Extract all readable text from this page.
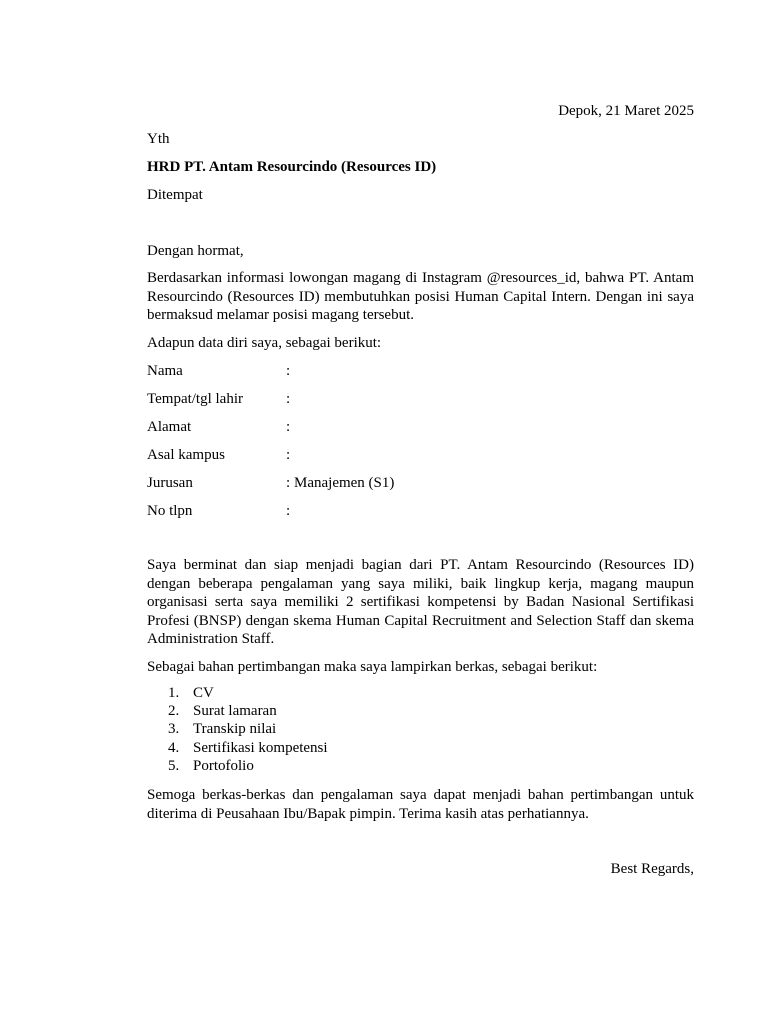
Depok, 21 Maret 2025

Yth

HRD PT. Antam Resourcindo (Resources ID)

Ditempat

Dengan hormat,

Berdasarkan informasi lowongan magang di Instagram @resources_id, bahwa PT. Antam Resourcindo (Resources ID) membutuhkan posisi Human Capital Intern. Dengan ini saya bermaksud melamar posisi magang tersebut.

Adapun data diri saya, sebagai berikut:

Nama	:
Tempat/tgl lahir	:
Alamat	:
Asal kampus	:
Jurusan	: Manajemen (S1)
No tlpn	:

Saya berminat dan siap menjadi bagian dari PT. Antam Resourcindo (Resources ID) dengan beberapa pengalaman yang saya miliki, baik lingkup kerja, magang maupun organisasi serta saya memiliki 2 sertifikasi kompetensi by Badan Nasional Sertifikasi Profesi (BNSP) dengan skema Human Capital Recruitment and Selection Staff dan skema Administration Staff.

Sebagai bahan pertimbangan maka saya lampirkan berkas, sebagai berikut:

1. CV
2. Surat lamaran
3. Transkip nilai
4. Sertifikasi kompetensi
5. Portofolio

Semoga berkas-berkas dan pengalaman saya dapat menjadi bahan pertimbangan untuk diterima di Peusahaan Ibu/Bapak pimpin. Terima kasih atas perhatiannya.

Best Regards,
